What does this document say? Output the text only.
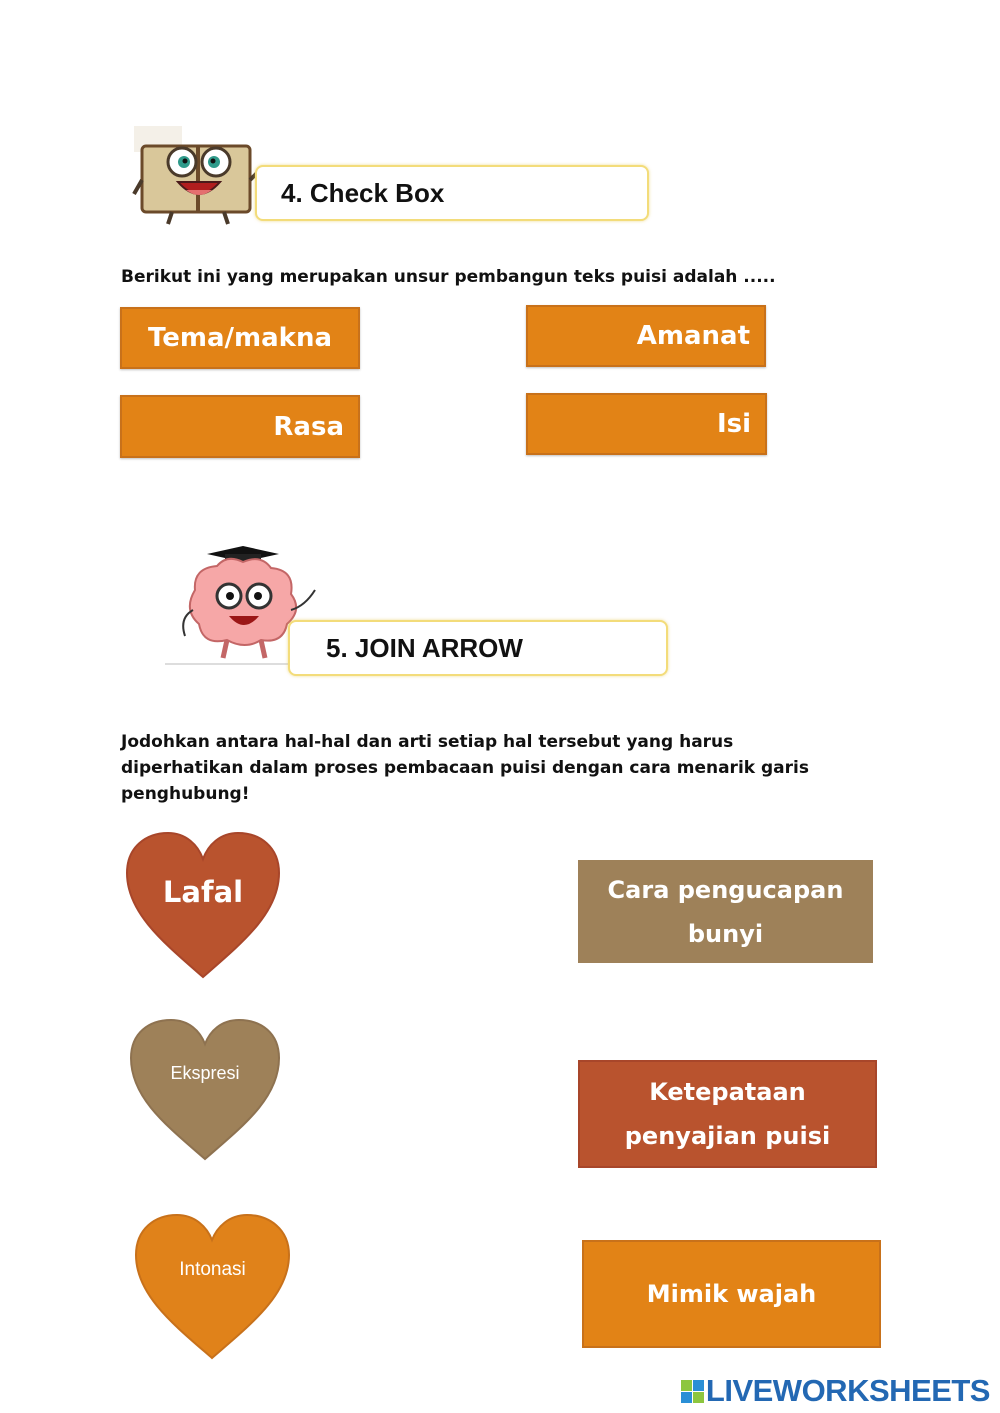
4. Check Box

Berikut ini yang merupakan unsur pembangun teks puisi adalah .....

Tema/makna	Amanat
Rasa	Isi
5. JOIN ARROW

Jodohkan antara hal-hal dan arti setiap hal tersebut yang harus

diperhatikan dalam proses pembacaan puisi dengan cara menarik garis

penghubung!

Lafal
Ekspresi
Intonasi
Cara pengucapan
bunyi
Ketepataan
penyajian puisi
Mimik wajah
LIVEWORKSHEETS
